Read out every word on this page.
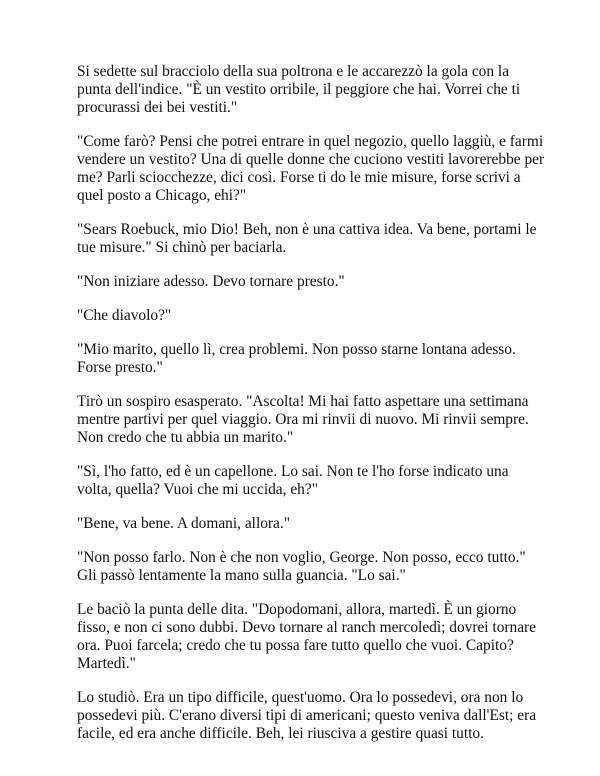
Si sedette sul bracciolo della sua poltrona e le accarezzò la gola con la
punta dell'indice. "È un vestito orribile, il peggiore che hai. Vorrei che ti
procurassi dei bei vestiti."

"Come farò? Pensi che potrei entrare in quel negozio, quello laggiù, e farmi
vendere un vestito? Una di quelle donne che cuciono vestiti lavorerebbe per
me? Parli sciocchezze, dici così. Forse ti do le mie misure, forse scrivi a
quel posto a Chicago, ehi?"

"Sears Roebuck, mio Dio! Beh, non è una cattiva idea. Va bene, portami le
tue misure." Si chinò per baciarla.

"Non iniziare adesso. Devo tornare presto."

"Che diavolo?"

"Mio marito, quello lì, crea problemi. Non posso starne lontana adesso.
Forse presto."

Tirò un sospiro esasperato. "Ascolta! Mi hai fatto aspettare una settimana
mentre partivi per quel viaggio. Ora mi rinvii di nuovo. Mi rinvii sempre.
Non credo che tu abbia un marito."

"Sì, l'ho fatto, ed è un capellone. Lo sai. Non te l'ho forse indicato una
volta, quella? Vuoi che mi uccida, eh?"

"Bene, va bene. A domani, allora."

"Non posso farlo. Non è che non voglio, George. Non posso, ecco tutto."
Gli passò lentamente la mano sulla guancia. "Lo sai."

Le baciò la punta delle dita. "Dopodomani, allora, martedì. È un giorno
fisso, e non ci sono dubbi. Devo tornare al ranch mercoledì; dovrei tornare
ora. Puoi farcela; credo che tu possa fare tutto quello che vuoi. Capito?
Martedì."

Lo studiò. Era un tipo difficile, quest'uomo. Ora lo possedevi, ora non lo
possedevi più. C'erano diversi tipi di americani; questo veniva dall'Est; era
facile, ed era anche difficile. Beh, lei riusciva a gestire quasi tutto.
